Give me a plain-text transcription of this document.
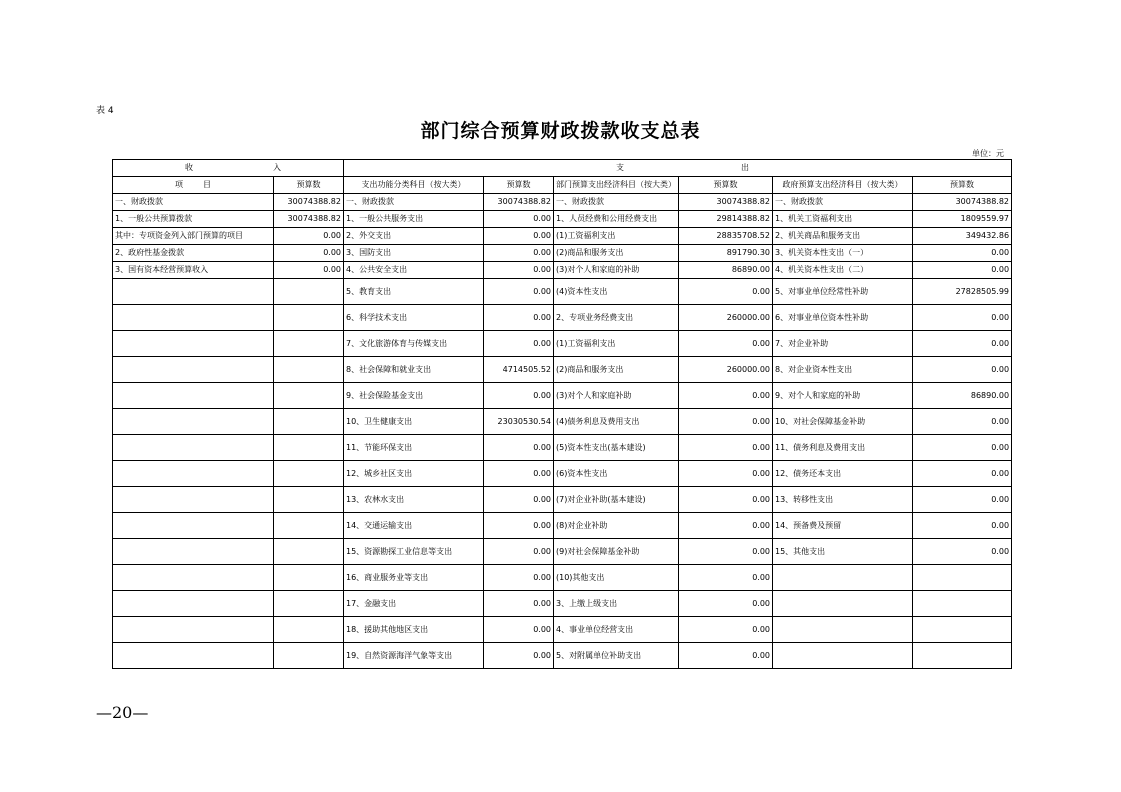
表 4
部门综合预算财政拨款收支总表
单位：元
收 入		支 出					

项 目	预算数	支出功能分类科目（按大类）	预算数	部门预算支出经济科目（按大类）	预算数	政府预算支出经济科目（按大类）	预算数
一、财政拨款	30074388.82	一、财政拨款	30074388.82	一、财政拨款	30074388.82	一、财政拨款	30074388.82
1、一般公共预算拨款	30074388.82	1、一般公共服务支出	0.00	1、人员经费和公用经费支出	29814388.82	1、机关工资福利支出	1809559.97
其中：专项资金列入部门预算的项目	0.00	2、外交支出	0.00	(1)工资福利支出	28835708.52	2、机关商品和服务支出	349432.86
2、政府性基金拨款	0.00	3、国防支出	0.00	(2)商品和服务支出	891790.30	3、机关资本性支出（一）	0.00
3、国有资本经营预算收入	0.00	4、公共安全支出	0.00	(3)对个人和家庭的补助	86890.00	4、机关资本性支出（二）	0.00
		5、教育支出	0.00	(4)资本性支出	0.00	5、对事业单位经常性补助	27828505.99
		6、科学技术支出	0.00	2、专项业务经费支出	260000.00	6、对事业单位资本性补助	0.00
		7、文化旅游体育与传媒支出	0.00	(1)工资福利支出	0.00	7、对企业补助	0.00
		8、社会保障和就业支出	4714505.52	(2)商品和服务支出	260000.00	8、对企业资本性支出	0.00
		9、社会保险基金支出	0.00	(3)对个人和家庭补助	0.00	9、对个人和家庭的补助	86890.00
		10、卫生健康支出	23030530.54	(4)债务利息及费用支出	0.00	10、对社会保障基金补助	0.00
		11、节能环保支出	0.00	(5)资本性支出(基本建设)	0.00	11、债务利息及费用支出	0.00
		12、城乡社区支出	0.00	(6)资本性支出	0.00	12、债务还本支出	0.00
		13、农林水支出	0.00	(7)对企业补助(基本建设)	0.00	13、转移性支出	0.00
		14、交通运输支出	0.00	(8)对企业补助	0.00	14、预备费及预留	0.00
		15、资源勘探工业信息等支出	0.00	(9)对社会保障基金补助	0.00	15、其他支出	0.00
		16、商业服务业等支出	0.00	(10)其他支出	0.00		
		17、金融支出	0.00	3、上缴上级支出	0.00		
		18、援助其他地区支出	0.00	4、事业单位经营支出	0.00		
		19、自然资源海洋气象等支出	0.00	5、对附属单位补助支出	0.00		
—20—
